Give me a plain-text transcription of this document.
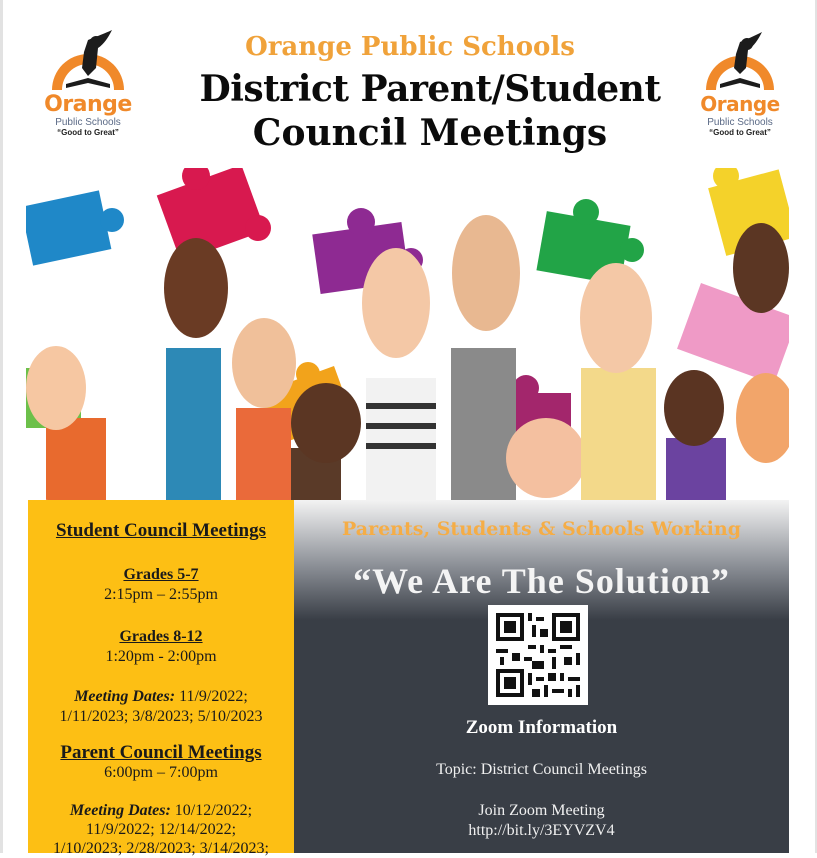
Orange
Public Schools
“Good to Great”
Orange
Public Schools
“Good to Great”
Orange Public Schools
District Parent/Student
Council Meetings
Student Council Meetings
Grades 5-7
2:15pm – 2:55pm
Grades 8-12
1:20pm - 2:00pm
Meeting Dates: 11/9/2022;
1/11/2023; 3/8/2023; 5/10/2023
Parent Council Meetings
6:00pm – 7:00pm
Meeting Dates: 10/12/2022;
11/9/2022; 12/14/2022;
1/10/2023; 2/28/2023; 3/14/2023;
Parents, Students & Schools Working
“We Are The Solution”
Zoom Information
Topic: District Council Meetings
Join Zoom Meeting
http://bit.ly/3EYVZV4
